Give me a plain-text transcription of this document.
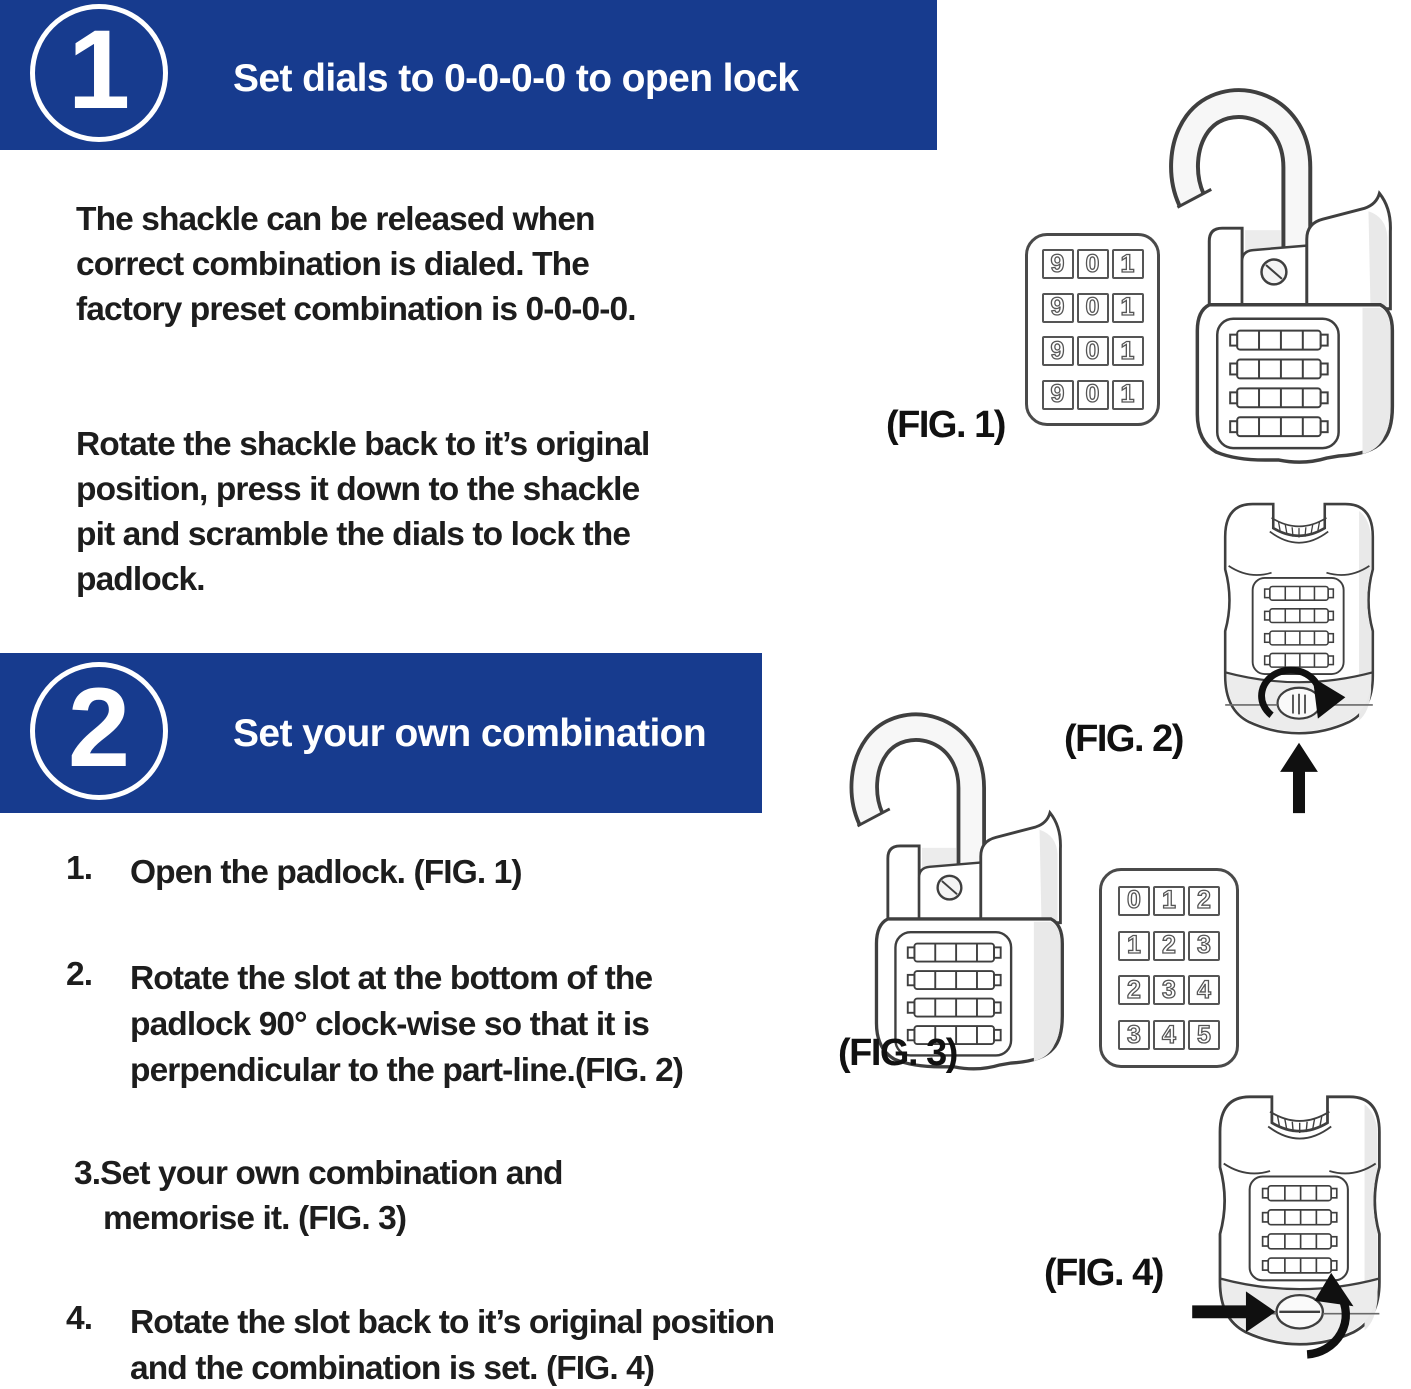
1	Set dials to 0-0-0-0 to open lock
The shackle can be released when
correct combination is dialed. The
factory preset combination is 0-0-0-0.
Rotate the shackle back to it’s original
position, press it down to the shackle
pit and scramble the dials to lock the
padlock.
2	Set your own combination
1. Open the padlock. (FIG. 1)
2. Rotate the slot at the bottom of the
padlock 90° clock-wise so that it is
perpendicular to the part-line.(FIG. 2)
3.Set your own combination and
memorise it. (FIG. 3)
4. Rotate the slot back to it’s original position
and the combination is set. (FIG. 4)
9 0 1
9 0 1
9 0 1
9 0 1
(FIG. 1)
(FIG. 2)
0 1 2
1 2 3
2 3 4
3 4 5
(FIG. 3)
(FIG. 4)
